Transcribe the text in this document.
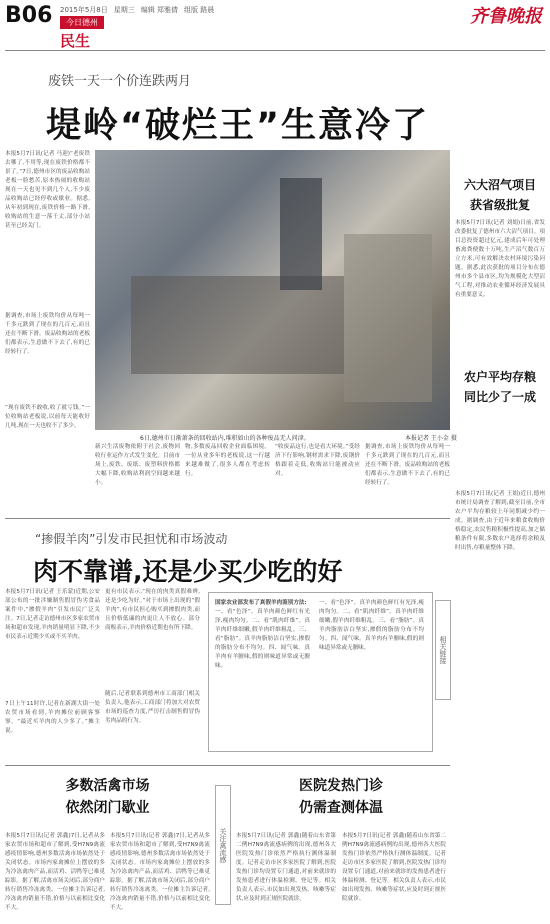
B06 2015年5月8日 星期三 编辑 郑雅倩 组版 路晨	齐鲁晚报
今日德州
民生
废铁一天一个价连跌两月
堤岭“破烂王”生意冷了
本报5月7日讯(记者 马迎)“老废铁去哪了,不用等,现在废铁价格都不景了。”7日,德州市区的废品收购站老板一脸愁苦,原本热闹的收购站现在一天也见不到几个人,不少废品收购站已经停收或歇业。据悉,从年初到现在,废铁价格一路下滑,收购站的生意一落千丈,部分小站甚至已经关门。
据调查,市场上废铁均价从每吨一千多元跌到了现在的几百元,而且还在不断下滑。废品收购站的老板们都表示,生意做不下去了,有的已经转行了。
“现在废铁不敢收,收了就亏钱。”一位收购站老板说,以前每天能收好几吨,现在一天也收不了多少。
6日,德州市日渐萧条的回收站内,堆积如山的各种废品无人问津。	本报记者 王小金 摄
新兴生活废物依附于社会,废物回收行业运作方式发生变化。目前市场上,废铁、废纸、废塑料价格都大幅下降,收购站利润空间越来越小。
物,多数废品回收企业面临困境。一位从业多年的老板说,这一行越来越难做了,很多人都在考虑转行。
“收废品这行,也是看大环境。”受经济下行影响,钢材需求下降,废钢价格跟着走低,收购站只能被动应对。
据调查,市场上废铁均价从每吨一千多元跌到了现在的几百元,而且还在不断下滑。废品收购站的老板们都表示,生意做不下去了,有的已经转行了。
六大沼气项目
获省级批复
本报5月7日讯(记者 刘娟)日前,省发改委批复了德州市六大沼气项目。项目总投资超过亿元,建成后年可处理畜禽粪便数十万吨,生产沼气数百万立方米,可有效解决农村环境污染问题。据悉,此次获批的项目分布在德州市多个县市区,均为规模化大型沼气工程,对推动农业循环经济发展具有重要意义。
农户平均存粮
同比少了一成
本报5月7日讯(记者 王娟)近日,德州市统计局调查了解到,截至目前,全市农户平均存粮较上年同期减少约一成。据调查,由于近年来粮食收购价格稳定,农民售粮积极性提高,加之储粮条件有限,多数农户选择将余粮及时出售,存粮量整体下降。
“掺假羊肉”引发市民担忧和市场波动
肉不靠谱,还是少买少吃的好
本报5月7日讯(记者 王乐蒙)近期,公安部公布的一批涉嫌制售假冒伪劣食品案件中,“掺假羊肉”引发市民广泛关注。7日,记者走访德州市区多家农贸市场和超市发现,羊肉销量明显下降,不少市民表示近期少买或不买羊肉。
7日上午11时许,记者在新湖大街一处农贸市场看到,羊肉摊位前顾客寥寥。“最近买羊肉的人少多了。”摊主说。
更有市民表示,“现在的肉类真假难辨,还是少吃为好。”对于市场上出现的“假羊肉”,有市民担心购买到掺假肉类,而且价格低廉的肉更让人不放心。部分商贩表示,羊肉价格近期也有所下降。
随后,记者联系到德州市工商部门相关负责人,他表示,工商部门将加大对农贸市场的巡查力度,严厉打击制售假冒伪劣肉品的行为。
国家农业部发布了真假羊肉鉴别方法:
一、看“色泽”。真羊肉颜色鲜红有光泽,瘦肉均匀。二、看“肌肉纤维”。真羊肉纤维细嫩,假羊肉纤维粗乱。三、看“脂肪”。真羊肉脂肪洁白坚实,掺假的脂肪分布不均匀。四、闻气味。真羊肉有羊膻味,假的则味道异常或无膻味。
一、看“色泽”。真羊肉颜色鲜红有光泽,瘦肉均匀。二、看“肌肉纤维”。真羊肉纤维细嫩,假羊肉纤维粗乱。三、看“脂肪”。真羊肉脂肪洁白坚实,掺假的脂肪分布不均匀。四、闻气味。真羊肉有羊膻味,假的则味道异常或无膻味。	相关链接
多数活禽市场
依然闭门歇业
本报5月7日讯(记者 郭鑫)7日,记者从多家农贸市场和超市了解到,受H7N9禽流感疫情影响,德州多数活禽市场依然处于关闭状态。市场内家禽摊位上摆放的多为冷冻禽肉产品,而活鸡、活鸭等已难觅踪影。据了解,活禽市场关闭后,部分商户转行销售冷冻禽类。一位摊主告诉记者,冷冻禽肉销量不错,价格与以前相比变化不大。
本报5月7日讯(记者 郭鑫)7日,记者从多家农贸市场和超市了解到,受H7N9禽流感疫情影响,德州多数活禽市场依然处于关闭状态。市场内家禽摊位上摆放的多为冷冻禽肉产品,而活鸡、活鸭等已难觅踪影。据了解,活禽市场关闭后,部分商户转行销售冷冻禽类。一位摊主告诉记者,冷冻禽肉销量不错,价格与以前相比变化不大。
关注禽流感
医院发热门诊
仍需查测体温
本报5月7日讯(记者 郭鑫)随着山东省第二例H7N9禽流感病例的出现,德州各大医院发热门诊依然严格执行测体温制度。记者走访市区多家医院了解到,医院发热门诊均设置专门通道,对前来就诊的发热患者进行体温检测、登记等。相关负责人表示,市民如出现发热、咳嗽等症状,应及时到正规医院就诊。
本报5月7日讯(记者 郭鑫)随着山东省第二例H7N9禽流感病例的出现,德州各大医院发热门诊依然严格执行测体温制度。记者走访市区多家医院了解到,医院发热门诊均设置专门通道,对前来就诊的发热患者进行体温检测、登记等。相关负责人表示,市民如出现发热、咳嗽等症状,应及时到正规医院就诊。
